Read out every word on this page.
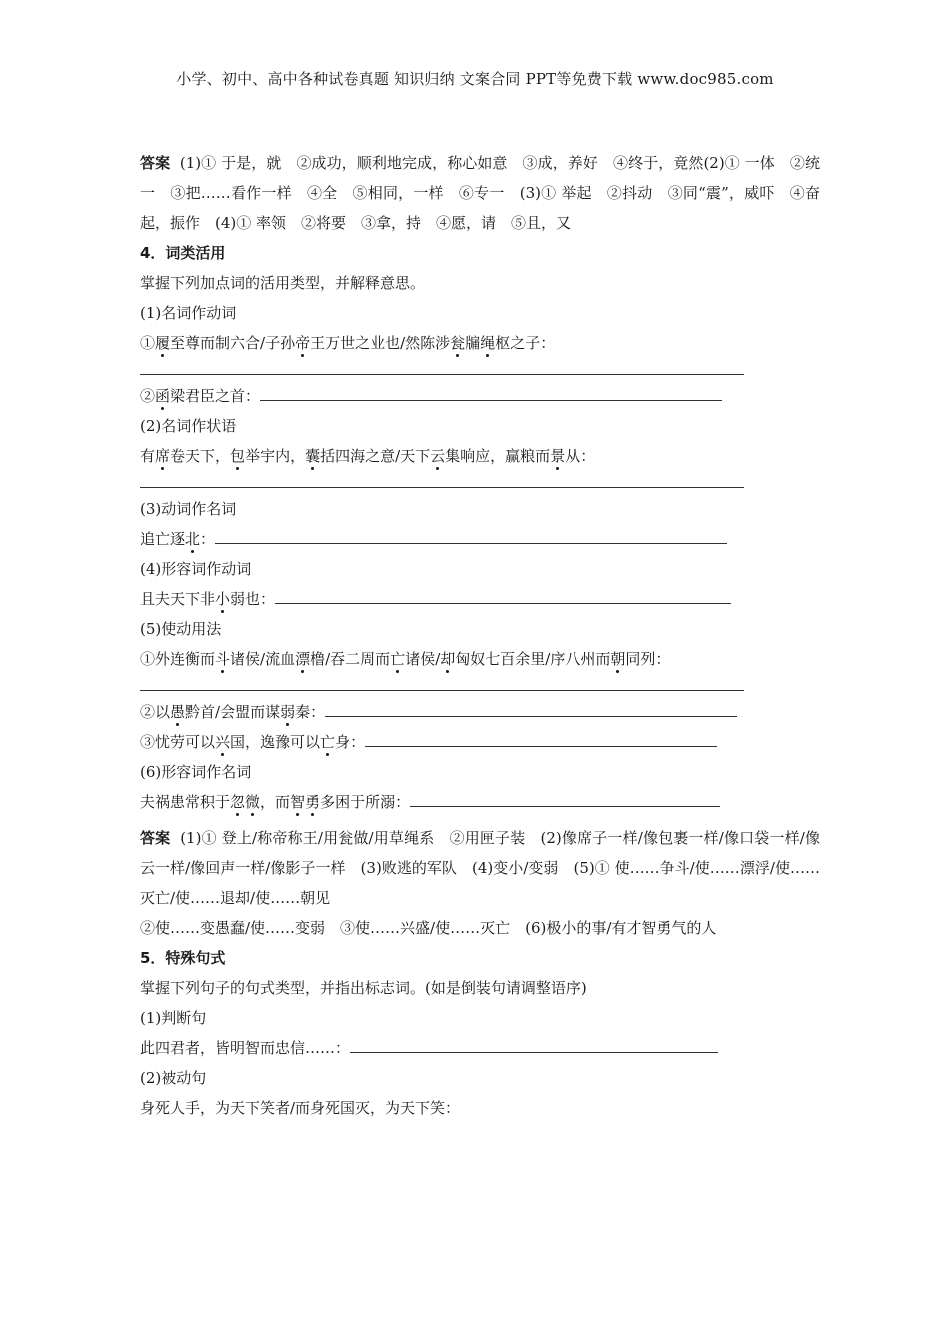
小学、初中、高中各种试卷真题 知识归纳 文案合同 PPT等免费下载 www.doc985.com

答案 (1)① 于是，就　②成功，顺利地完成，称心如意　③成，养好　④终于，竟然(2)① 一体　②统一　③把……看作一样　④全　⑤相同，一样　⑥专一　(3)① 举起　②抖动　③同“震”，威吓　④奋起，振作　(4)① 率领　②将要　③拿，持　④愿，请　⑤且，又

4．词类活用
掌握下列加点词的活用类型，并解释意思。
(1)名词作动词
①履至尊而制六合/子孙帝王万世之业也/然陈涉瓮牖绳枢之子：
②函梁君臣之首：
(2)名词作状语
有席卷天下，包举宇内，囊括四海之意/天下云集响应，赢粮而景从：
(3)动词作名词
追亡逐北：
(4)形容词作动词
且夫天下非小弱也：
(5)使动用法
①外连衡而斗诸侯/流血漂橹/吞二周而亡诸侯/却匈奴七百余里/序八州而朝同列：
②以愚黔首/会盟而谋弱秦：
③忧劳可以兴国，逸豫可以亡身：
(6)形容词作名词
夫祸患常积于忽微，而智勇多困于所溺：

答案 (1)① 登上/称帝称王/用瓮做/用草绳系　②用匣子装　(2)像席子一样/像包裹一样/像口袋一样/像云一样/像回声一样/像影子一样　(3)败逃的军队　(4)变小/变弱　(5)① 使……争斗/使……漂浮/使……灭亡/使……退却/使……朝见

②使……变愚蠢/使……变弱　③使……兴盛/使……灭亡　(6)极小的事/有才智勇气的人
5．特殊句式
掌握下列句子的句式类型，并指出标志词。(如是倒装句请调整语序)
(1)判断句
此四君者，皆明智而忠信……：
(2)被动句
身死人手，为天下笑者/而身死国灭，为天下笑：
